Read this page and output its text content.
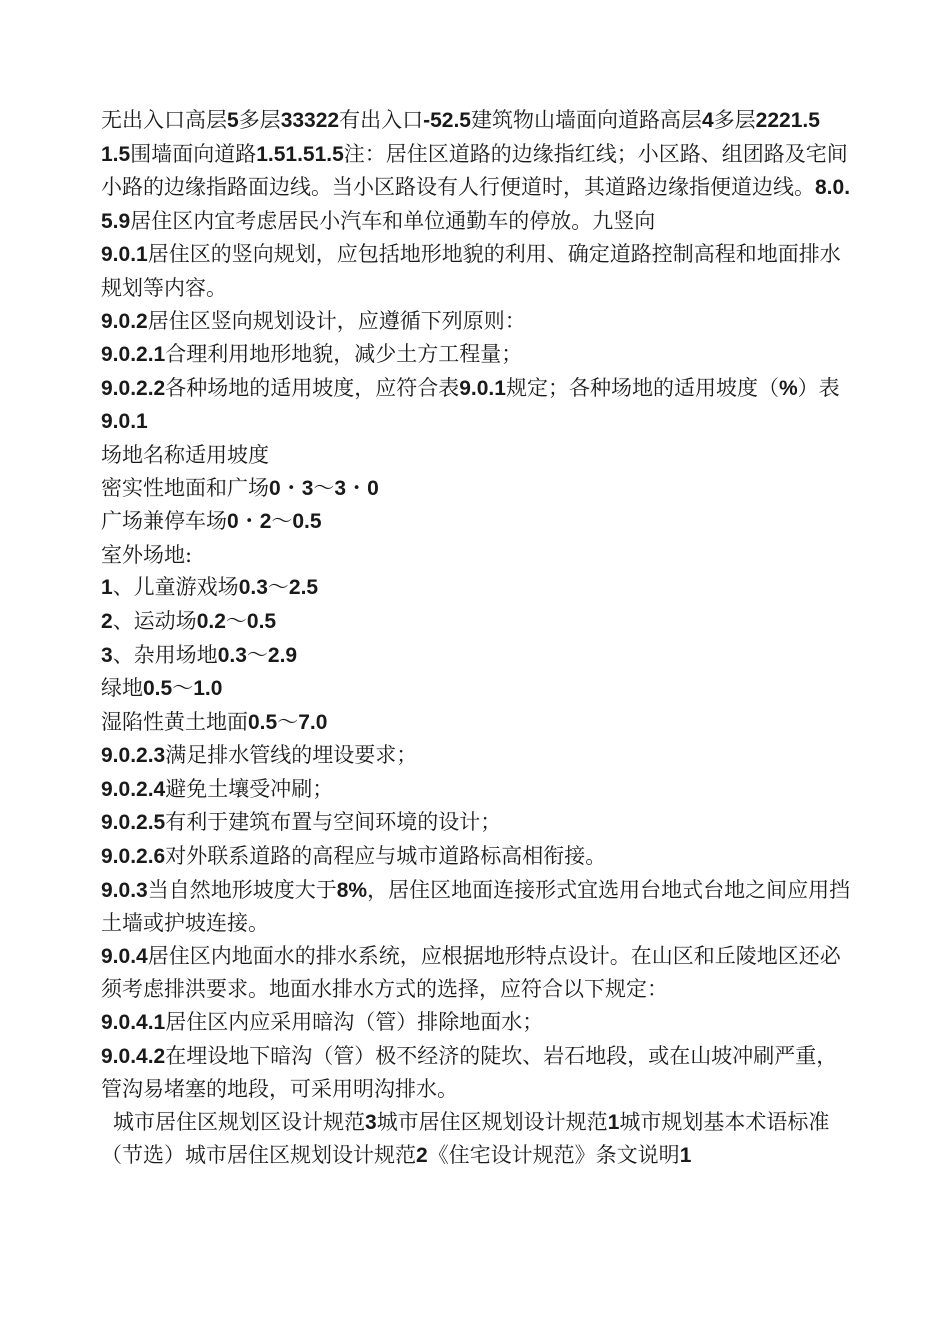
无出入口高层5多层33322有出入口-52.5建筑物山墙面向道路高层4多层2221.5

1.5围墙面向道路1.51.51.5注：居住区道路的边缘指红线；小区路、组团路及宅间小路的边缘指路面边线。当小区路设有人行便道时，其道路边缘指便道边线。8.0.5.9居住区内宜考虑居民小汽车和单位通勤车的停放。九竖向

9.0.1居住区的竖向规划，应包括地形地貌的利用、确定道路控制高程和地面排水规划等内容。

9.0.2居住区竖向规划设计，应遵循下列原则：

9.0.2.1合理利用地形地貌，减少土方工程量；

9.0.2.2各种场地的适用坡度，应符合表9.0.1规定；各种场地的适用坡度（%）表9.0.1

场地名称适用坡度

密实性地面和广场0・3〜3・0

广场兼停车场0・2〜0.5

室外场地:

1、儿童游戏场0.3〜2.5

2、运动场0.2〜0.5

3、杂用场地0.3〜2.9

绿地0.5〜1.0

湿陷性黄土地面0.5〜7.0

9.0.2.3满足排水管线的埋设要求；

9.0.2.4避免土壤受冲刷；

9.0.2.5有利于建筑布置与空间环境的设计；

9.0.2.6对外联系道路的高程应与城市道路标高相衔接。

9.0.3当自然地形坡度大于8%，居住区地面连接形式宜选用台地式台地之间应用挡土墙或护坡连接。

9.0.4居住区内地面水的排水系统，应根据地形特点设计。在山区和丘陵地区还必须考虑排洪要求。地面水排水方式的选择，应符合以下规定：

9.0.4.1居住区内应采用暗沟（管）排除地面水；

9.0.4.2在埋设地下暗沟（管）极不经济的陡坎、岩石地段，或在山坡冲刷严重，管沟易堵塞的地段，可采用明沟排水。

城市居住区规划区设计规范3城市居住区规划设计规范1城市规划基本术语标准（节选）城市居住区规划设计规范2《住宅设计规范》条文说明1
